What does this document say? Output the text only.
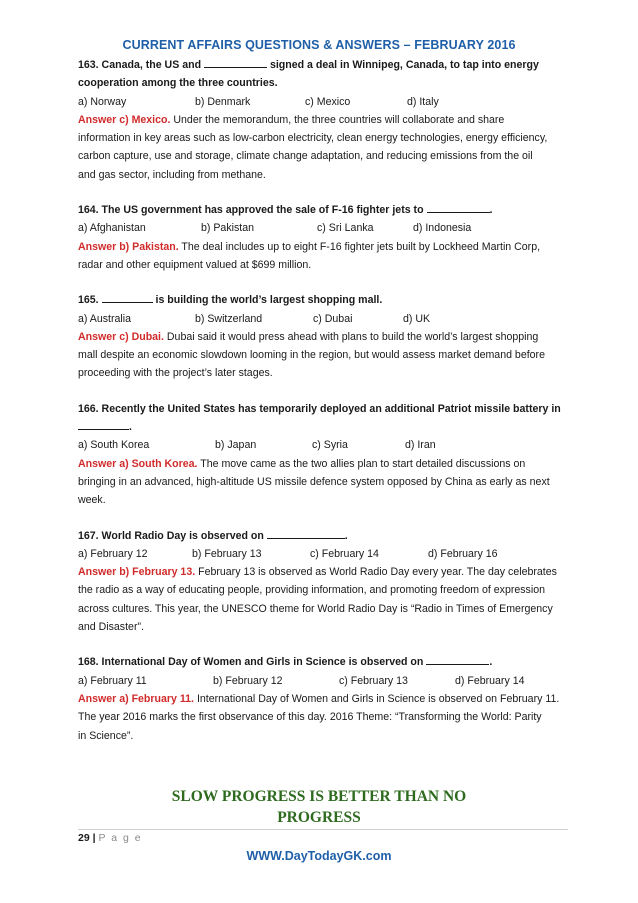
CURRENT AFFAIRS QUESTIONS & ANSWERS – FEBRUARY 2016
163. Canada, the US and	signed a deal in Winnipeg, Canada, to tap into energy
cooperation among the three countries.
a) Norway	b) Denmark	c) Mexico	d) Italy
Answer c) Mexico. Under the memorandum, the three countries will collaborate and share
information in key areas such as low-carbon electricity, clean energy technologies, energy efficiency,
carbon capture, use and storage, climate change adaptation, and reducing emissions from the oil
and gas sector, including from methane.
164. The US government has approved the sale of F-16 fighter jets to	.
a) Afghanistan	b) Pakistan	c) Sri Lanka	d) Indonesia
Answer b) Pakistan. The deal includes up to eight F-16 fighter jets built by Lockheed Martin Corp,
radar and other equipment valued at $699 million.
165.	is building the world’s largest shopping mall.
a) Australia	b) Switzerland	c) Dubai	d) UK
Answer c) Dubai. Dubai said it would press ahead with plans to build the world’s largest shopping
mall despite an economic slowdown looming in the region, but would assess market demand before
proceeding with the project’s later stages.
166. Recently the United States has temporarily deployed an additional Patriot missile battery in
.
a) South Korea	b) Japan	c) Syria	d) Iran
Answer a) South Korea. The move came as the two allies plan to start detailed discussions on
bringing in an advanced, high-altitude US missile defence system opposed by China as early as next
week.
167. World Radio Day is observed on	.
a) February 12	b) February 13	c) February 14	d) February 16
Answer b) February 13. February 13 is observed as World Radio Day every year. The day celebrates
the radio as a way of educating people, providing information, and promoting freedom of expression
across cultures. This year, the UNESCO theme for World Radio Day is “Radio in Times of Emergency
and Disaster”.
168. International Day of Women and Girls in Science is observed on	.
a) February 11	b) February 12	c) February 13	d) February 14
Answer a) February 11. International Day of Women and Girls in Science is observed on February 11.
The year 2016 marks the first observance of this day. 2016 Theme: “Transforming the World: Parity
in Science”.
SLOW PROGRESS IS BETTER THAN NO
PROGRESS
29 | P a g e
WWW.DayTodayGK.com
